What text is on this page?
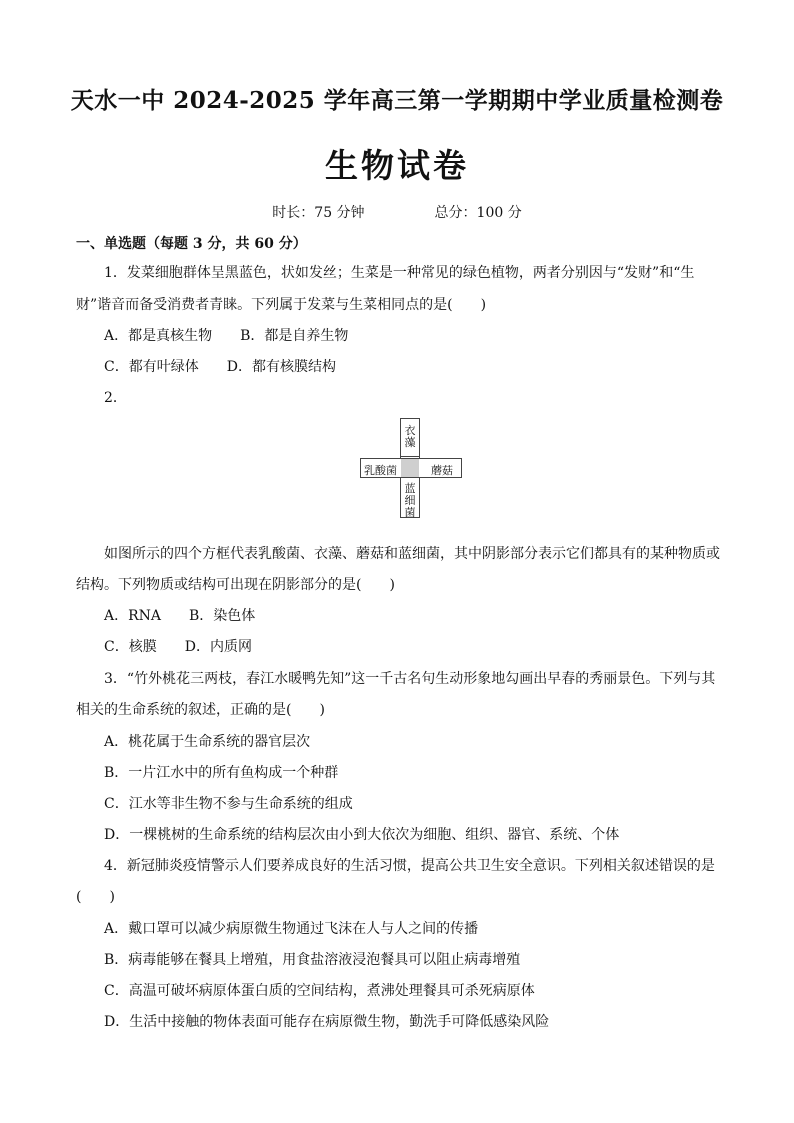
天水一中 2024-2025 学年高三第一学期期中学业质量检测卷
生物试卷
时长：75 分钟	总分：100 分
一、单选题（每题 3 分，共 60 分）
1．发菜细胞群体呈黑蓝色，状如发丝；生菜是一种常见的绿色植物，两者分别因与“发财”和“生
财”谐音而备受消费者青睐。下列属于发菜与生菜相同点的是(　　)
A．都是真核生物 B．都是自养生物
C．都有叶绿体 D．都有核膜结构
2．
衣藻
蓝细菌
乳酸菌	蘑菇
如图所示的四个方框代表乳酸菌、衣藻、蘑菇和蓝细菌，其中阴影部分表示它们都具有的某种物质或
结构。下列物质或结构可出现在阴影部分的是(　　)
A．RNA B．染色体
C．核膜 D．内质网
3．“竹外桃花三两枝，春江水暖鸭先知”这一千古名句生动形象地勾画出早春的秀丽景色。下列与其
相关的生命系统的叙述，正确的是(　　)
A．桃花属于生命系统的器官层次
B．一片江水中的所有鱼构成一个种群
C．江水等非生物不参与生命系统的组成
D．一棵桃树的生命系统的结构层次由小到大依次为细胞、组织、器官、系统、个体
4．新冠肺炎疫情警示人们要养成良好的生活习惯，提高公共卫生安全意识。下列相关叙述错误的是
(　　)
A．戴口罩可以减少病原微生物通过飞沫在人与人之间的传播
B．病毒能够在餐具上增殖，用食盐溶液浸泡餐具可以阻止病毒增殖
C．高温可破坏病原体蛋白质的空间结构，煮沸处理餐具可杀死病原体
D．生活中接触的物体表面可能存在病原微生物，勤洗手可降低感染风险
